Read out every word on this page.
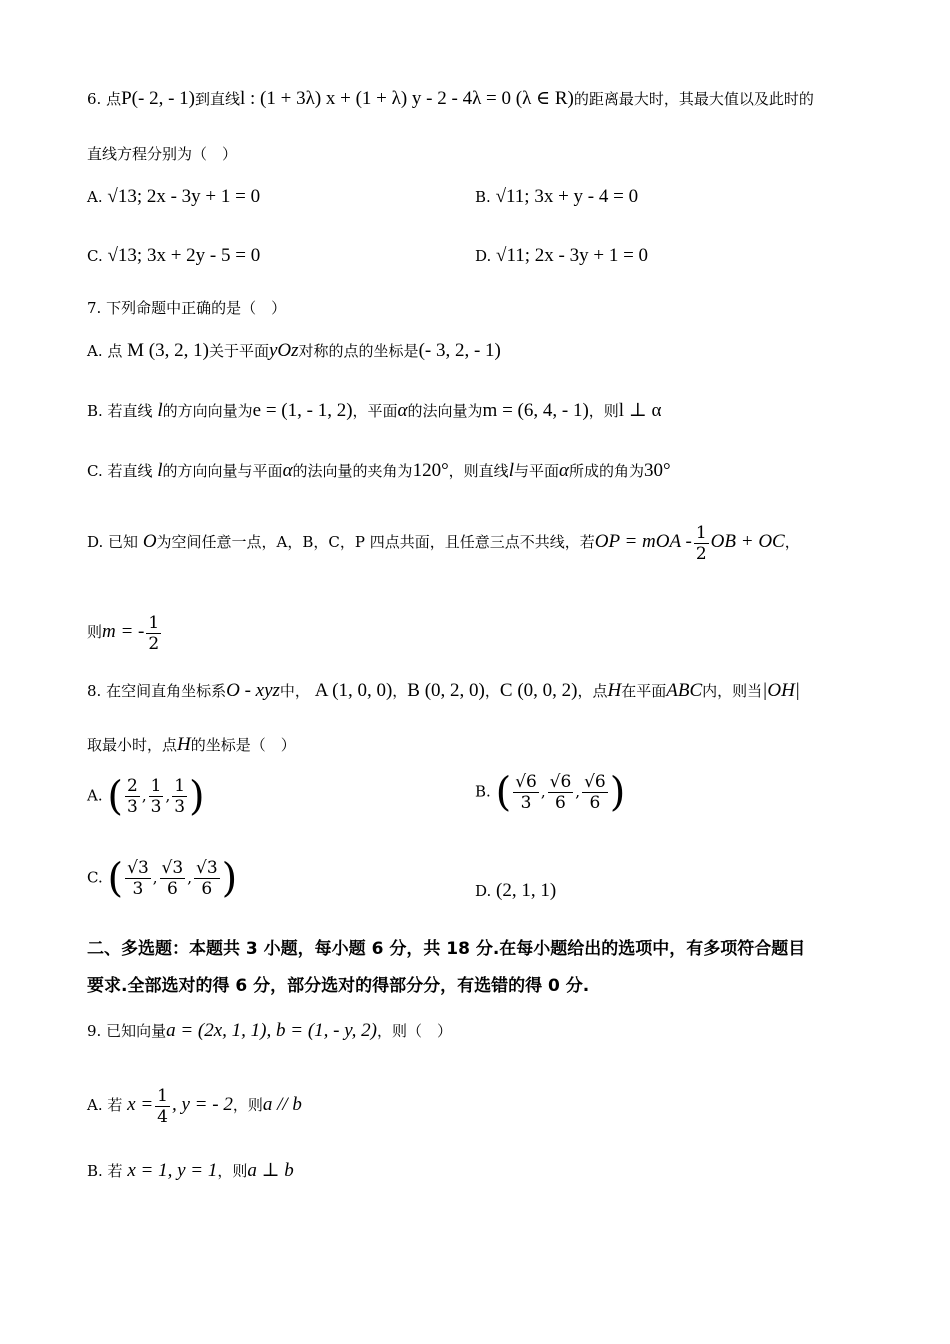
6. 点P(- 2, - 1)到直线l : (1 + 3λ) x + (1 + λ) y - 2 - 4λ = 0 (λ ∈ R)的距离最大时，其最大值以及此时的
直线方程分别为（　）
A. √13; 2x - 3y + 1 = 0	B. √11; 3x + y - 4 = 0
C. √13; 3x + 2y - 5 = 0	D. √11; 2x - 3y + 1 = 0
7. 下列命题中正确的是（　）
A. 点 M (3, 2, 1)关于平面yOz对称的点的坐标是(- 3, 2, - 1)
B. 若直线 l的方向向量为e = (1, - 1, 2)，平面α的法向量为m = (6, 4, - 1)，则l ⊥ α
C. 若直线 l的方向向量与平面α的法向量的夹角为120°，则直线l与平面α所成的角为30°
D. 已知 O为空间任意一点，A，B，C，P 四点共面，且任意三点不共线，若OP = mOA - $\frac{1}{2}$ OB + OC，
则m = - $\frac{1}{2}$
8. 在空间直角坐标系O - xyz中， A (1, 0, 0)，B (0, 2, 0)，C (0, 0, 2)，点H在平面ABC内，则当|OH|
取最小时，点H的坐标是（　）
A. ( $\frac{2}{3}$ , $\frac{1}{3}$ , $\frac{1}{3}$ )	B. ( $\frac{√6}{3}$ , $\frac{√6}{6}$ , $\frac{√6}{6}$ )
C. ( $\frac{√3}{3}$ , $\frac{√3}{6}$ , $\frac{√3}{6}$ )	D. (2, 1, 1)
二、多选题：本题共 3 小题，每小题 6 分，共 18 分.在每小题给出的选项中，有多项符合题目
要求.全部选对的得 6 分，部分选对的得部分分，有选错的得 0 分.
9. 已知向量a = (2x, 1, 1), b = (1, - y, 2)，则（　）
A. 若 $x = \frac{1}{4}$ , y = - 2，则a // b
B. 若 x = 1, y = 1，则a ⊥ b
